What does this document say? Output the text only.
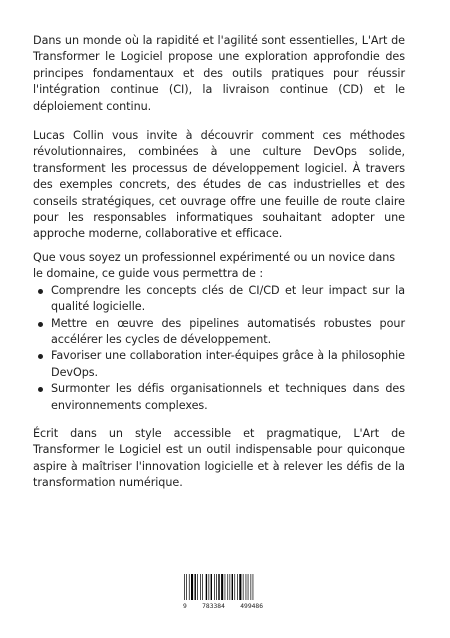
Dans un monde où la rapidité et l'agilité sont essentielles, L'Art de Transformer le Logiciel propose une exploration approfondie des principes fondamentaux et des outils pratiques pour réussir l'intégration continue (CI), la livraison continue (CD) et le déploiement continu.

Lucas Collin vous invite à découvrir comment ces méthodes révolutionnaires, combinées à une culture DevOps solide, transforment les processus de développement logiciel. À travers des exemples concrets, des études de cas industrielles et des conseils stratégiques, cet ouvrage offre une feuille de route claire pour les responsables informatiques souhaitant adopter une approche moderne, collaborative et efficace.

Que vous soyez un professionnel expérimenté ou un novice dans le domaine, ce guide vous permettra de :

Comprendre les concepts clés de CI/CD et leur impact sur la qualité logicielle.
Mettre en œuvre des pipelines automatisés robustes pour accélérer les cycles de développement.
Favoriser une collaboration inter-équipes grâce à la philosophie DevOps.
Surmonter les défis organisationnels et techniques dans des environnements complexes.

Écrit dans un style accessible et pragmatique, L'Art de Transformer le Logiciel est un outil indispensable pour quiconque aspire à maîtriser l'innovation logicielle et à relever les défis de la transformation numérique.

9 783384 499486
